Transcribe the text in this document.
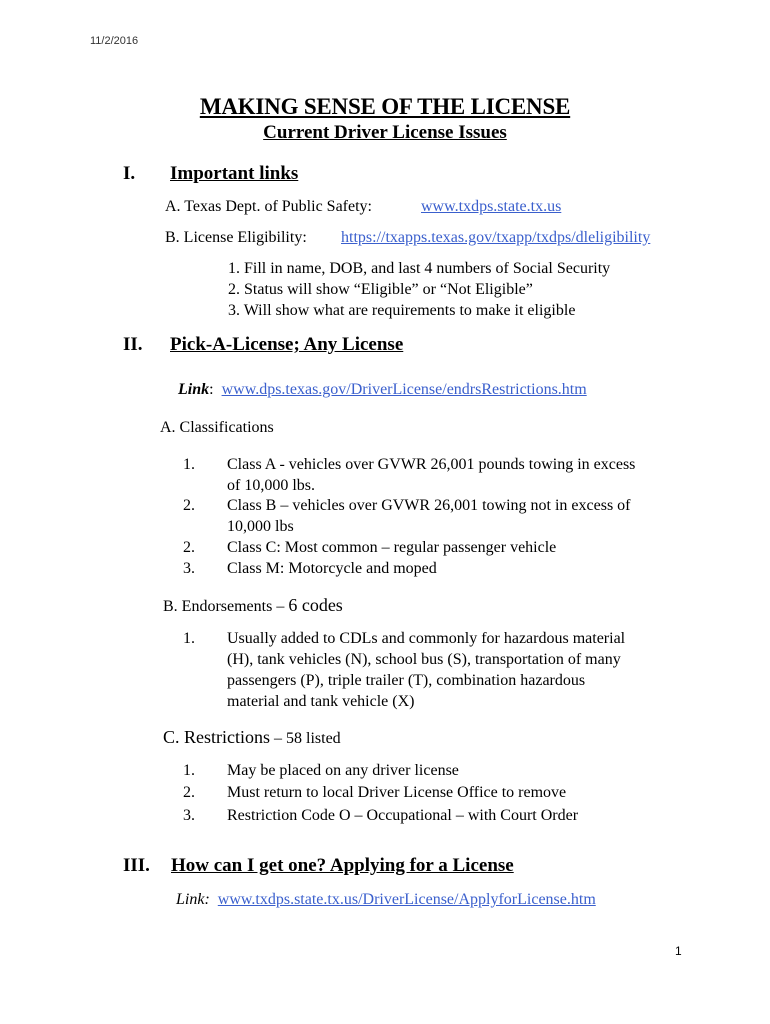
11/2/2016
MAKING SENSE OF THE LICENSE
Current Driver License Issues
I. Important links
A. Texas Dept. of Public Safety:	www.txdps.state.tx.us
B. License Eligibility: https://txapps.texas.gov/txapp/txdps/dleligibility
1. Fill in name, DOB, and last 4 numbers of Social Security
2. Status will show “Eligible” or “Not Eligible”
3. Will show what are requirements to make it eligible
II. Pick-A-License; Any License
Link: www.dps.texas.gov/DriverLicense/endrsRestrictions.htm
A. Classifications
1. Class A - vehicles over GVWR 26,001 pounds towing in excess
of 10,000 lbs.
2. Class B – vehicles over GVWR 26,001 towing not in excess of
10,000 lbs
2. Class C: Most common – regular passenger vehicle
3. Class M: Motorcycle and moped
B. Endorsements – 6 codes
1. Usually added to CDLs and commonly for hazardous material
(H), tank vehicles (N), school bus (S), transportation of many
passengers (P), triple trailer (T), combination hazardous
material and tank vehicle (X)
C. Restrictions – 58 listed
1. May be placed on any driver license
2. Must return to local Driver License Office to remove
3. Restriction Code O – Occupational – with Court Order
III. How can I get one? Applying for a License
Link: www.txdps.state.tx.us/DriverLicense/ApplyforLicense.htm
1
